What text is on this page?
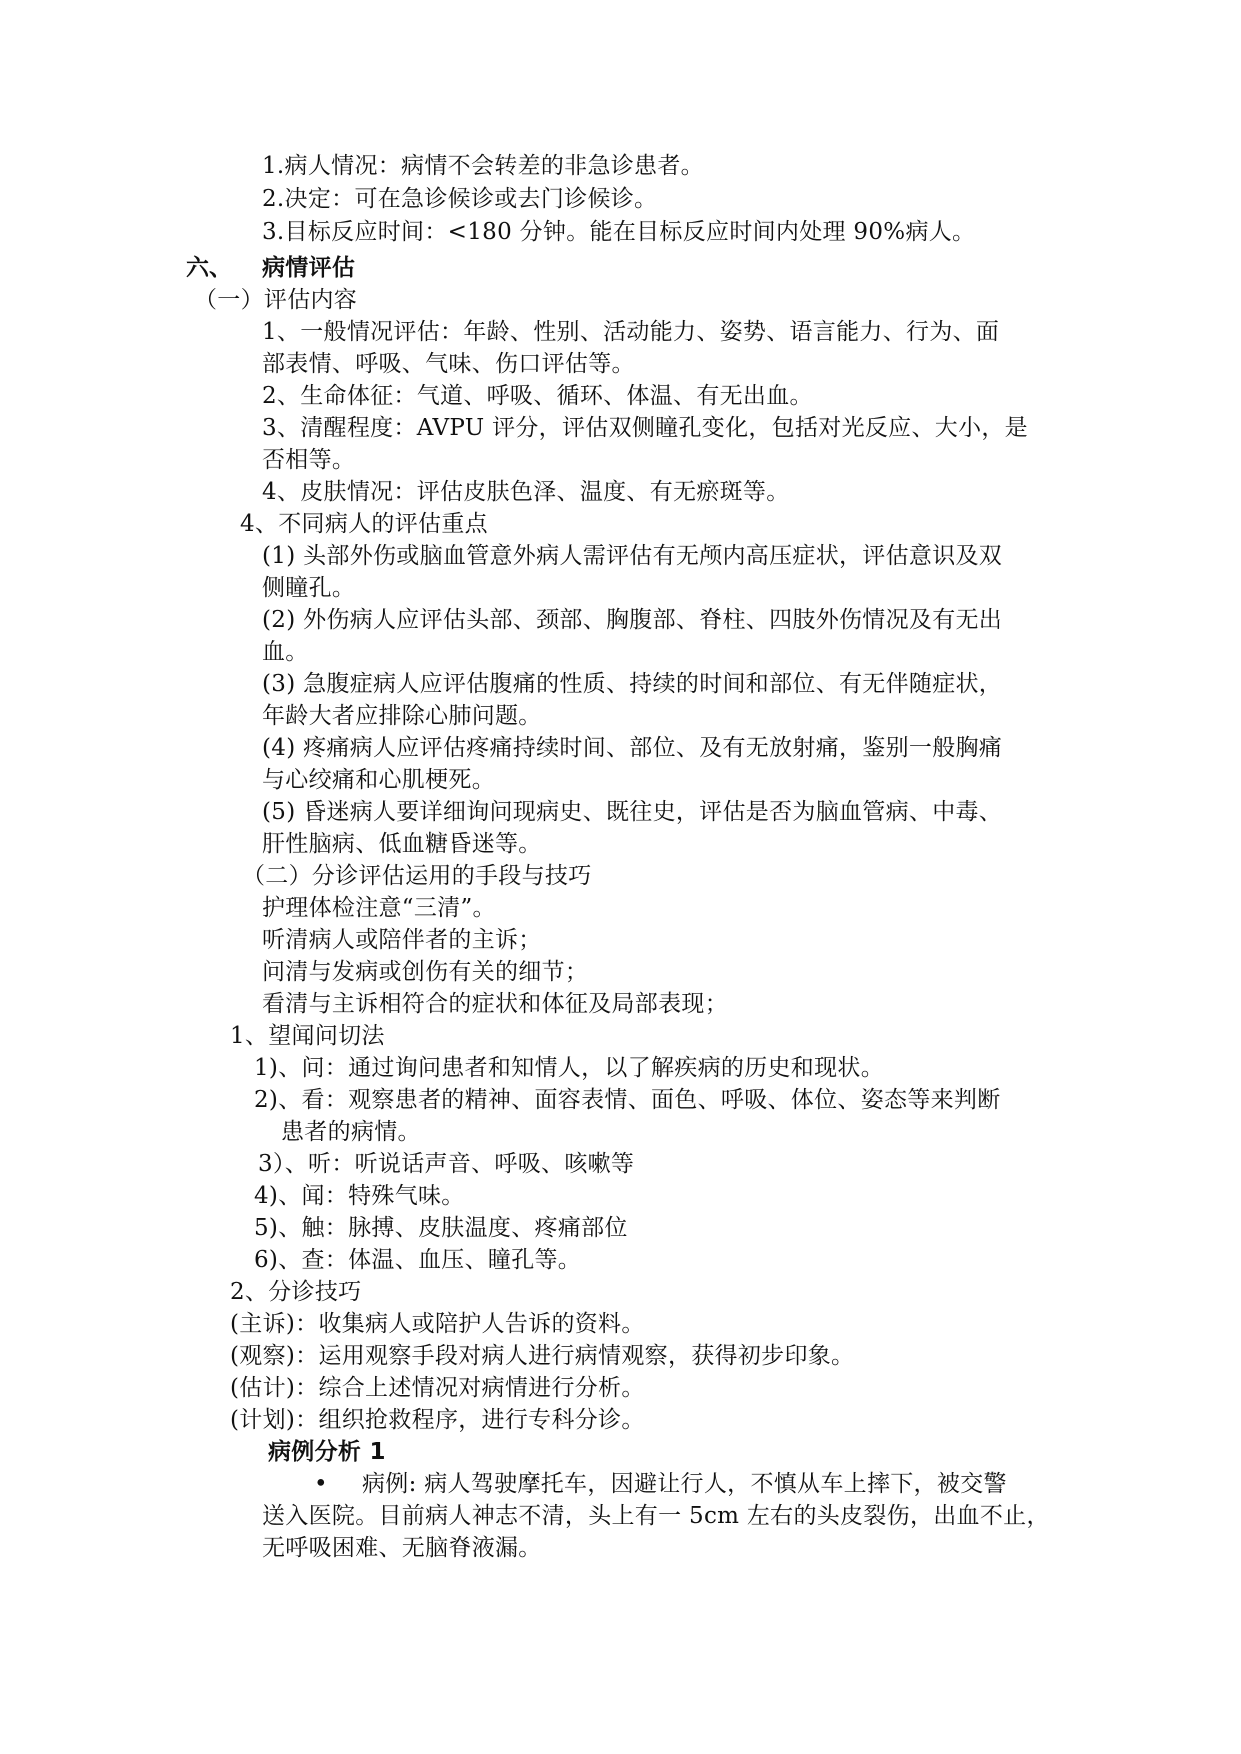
1.病人情况：病情不会转差的非急诊患者。
2.决定：可在急诊候诊或去门诊候诊。
3.目标反应时间：<180 分钟。能在目标反应时间内处理 90%病人。
六、 病情评估
（一）评估内容
1、一般情况评估：年龄、性别、活动能力、姿势、语言能力、行为、面
部表情、呼吸、气味、伤口评估等。
2、生命体征：气道、呼吸、循环、体温、有无出血。
3、清醒程度：AVPU 评分，评估双侧瞳孔变化，包括对光反应、大小，是
否相等。
4、皮肤情况：评估皮肤色泽、温度、有无瘀斑等。
4、不同病人的评估重点
(1) 头部外伤或脑血管意外病人需评估有无颅内高压症状，评估意识及双
侧瞳孔。
(2) 外伤病人应评估头部、颈部、胸腹部、脊柱、四肢外伤情况及有无出
血。
(3) 急腹症病人应评估腹痛的性质、持续的时间和部位、有无伴随症状，
年龄大者应排除心肺问题。
(4) 疼痛病人应评估疼痛持续时间、部位、及有无放射痛，鉴别一般胸痛
与心绞痛和心肌梗死。
(5) 昏迷病人要详细询问现病史、既往史，评估是否为脑血管病、中毒、
肝性脑病、低血糖昏迷等。
（二）分诊评估运用的手段与技巧
护理体检注意“三清”。
听清病人或陪伴者的主诉；
问清与发病或创伤有关的细节；
看清与主诉相符合的症状和体征及局部表现；
1、望闻问切法
1)、问：通过询问患者和知情人，以了解疾病的历史和现状。
2)、看：观察患者的精神、面容表情、面色、呼吸、体位、姿态等来判断
患者的病情。
3）、听：听说话声音、呼吸、咳嗽等
4)、闻：特殊气味。
5)、触：脉搏、皮肤温度、疼痛部位
6)、查：体温、血压、瞳孔等。
2、分诊技巧
(主诉)：收集病人或陪护人告诉的资料。
(观察)：运用观察手段对病人进行病情观察，获得初步印象。
(估计)：综合上述情况对病情进行分析。
(计划)：组织抢救程序，进行专科分诊。
病例分析 1
• 病例: 病人驾驶摩托车，因避让行人，不慎从车上摔下，被交警
送入医院。目前病人神志不清，头上有一 5cm 左右的头皮裂伤，出血不止，
无呼吸困难、无脑脊液漏。
